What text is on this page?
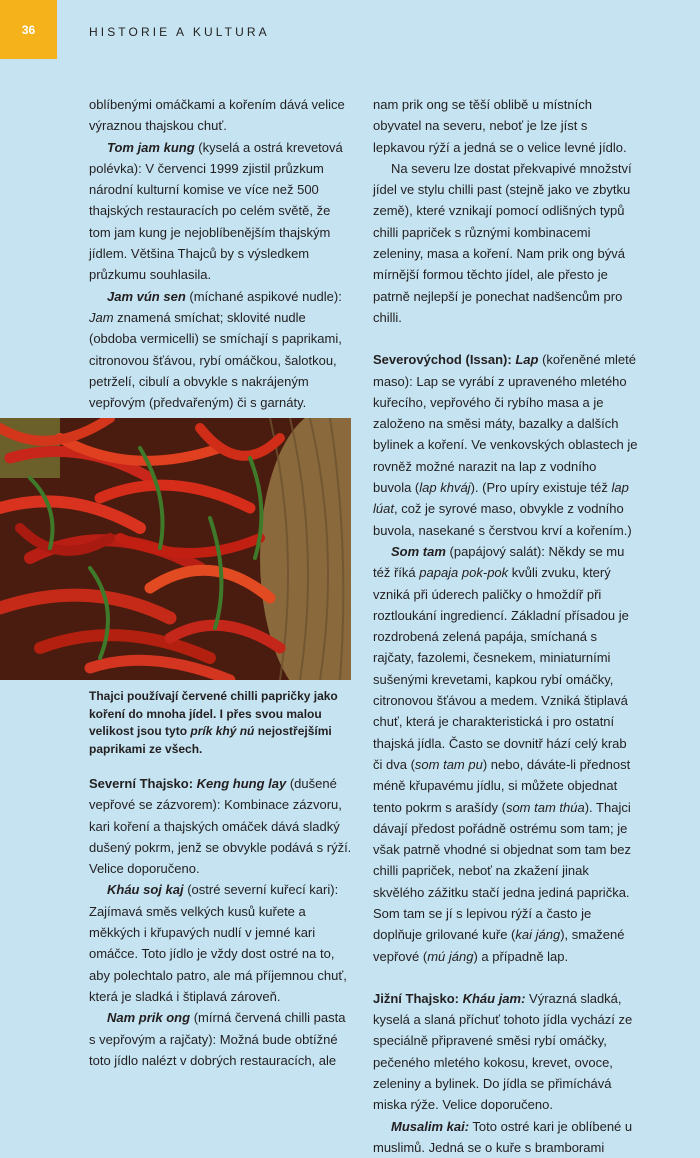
36	HISTORIE A KULTURA

oblíbenými omáčkami a kořením dává velice výraznou thajskou chuť.

Tom jam kung (kyselá a ostrá krevetová polévka): V červenci 1999 zjistil průzkum národní kulturní komise ve více než 500 thajských restauracích po celém světě, že tom jam kung je nejoblíbenějším thajským jídlem. Většina Thajců by s výsledkem průzkumu souhlasila.

Jam vún sen (míchané aspikové nudle): Jam znamená smíchat; sklovité nudle (obdoba vermicelli) se smíchají s paprikami, citronovou šťávou, rybí omáčkou, šalotkou, petrželí, cibulí a obvykle s nakrájeným vepřovým (předvařeným) či s garnáty.

Thajci používají červené chilli papričky jako koření do mnoha jídel. I přes svou malou velikost jsou tyto prík khý nú nejostřejšími paprikami ze všech.

Severní Thajsko: Keng hung lay (dušené vepřové se zázvorem): Kombinace zázvoru, kari koření a thajských omáček dává sladký dušený pokrm, jenž se obvykle podává s rýží. Velice doporučeno.

Kháu soj kaj (ostré severní kuřecí kari): Zajímavá směs velkých kusů kuřete a měkkých i křupavých nudlí v jemné kari omáčce. Toto jídlo je vždy dost ostré na to, aby polechtalo patro, ale má příjemnou chuť, která je sladká i štiplavá zároveň.

Nam prik ong (mírná červená chilli pasta s vepřovým a rajčaty): Možná bude obtížné toto jídlo nalézt v dobrých restauracích, ale

nam prik ong se těší oblibě u místních obyvatel na severu, neboť je lze jíst s lepkavou rýží a jedná se o velice levné jídlo.

Na severu lze dostat překvapivé množství jídel ve stylu chilli past (stejně jako ve zbytku země), které vznikají pomocí odlišných typů chilli papriček s různými kombinacemi zeleniny, masa a koření. Nam prik ong bývá mírnější formou těchto jídel, ale přesto je patrně nejlepší je ponechat nadšencům pro chilli.

Severovýchod (Issan): Lap (kořeněné mleté maso): Lap se vyrábí z upraveného mletého kuřecího, vepřového či rybího masa a je založeno na směsi máty, bazalky a dalších bylinek a koření. Ve venkovských oblastech je rovněž možné narazit na lap z vodního buvola (lap khváj). (Pro upíry existuje též lap lúat, což je syrové maso, obvykle z vodního buvola, nasekané s čerstvou krví a kořením.)

Som tam (papájový salát): Někdy se mu též říká papaja pok-pok kvůli zvuku, který vzniká při úderech paličky o hmoždíř při roztloukání ingrediencí. Základní přísadou je rozdrobená zelená papája, smíchaná s rajčaty, fazolemi, česnekem, miniaturními sušenými krevetami, kapkou rybí omáčky, citronovou šťávou a medem. Vzniká štiplavá chuť, která je charakteristická i pro ostatní thajská jídla. Často se dovnitř hází celý krab či dva (som tam pu) nebo, dáváte-li přednost méně křupavému jídlu, si můžete objednat tento pokrm s arašídy (som tam thúa). Thajci dávají předost pořádně ostrému som tam; je však patrně vhodné si objednat som tam bez chilli papriček, neboť na zkažení jinak skvělého zážitku stačí jedna jediná paprička. Som tam se jí s lepivou rýží a často je doplňuje grilované kuře (kai jáng), smažené vepřové (mú jáng) a případně lap.

Jižní Thajsko: Kháu jam: Výrazná sladká, kyselá a slaná příchuť tohoto jídla vychází ze speciálně připravené směsi rybí omáčky, pečeného mletého kokosu, krevet, ovoce, zeleniny a bylinek. Do jídla se přimíchává miska rýže. Velice doporučeno.

Musalim kai: Toto ostré kari je oblíbené u muslimů. Jedná se o kuře s bramborami
